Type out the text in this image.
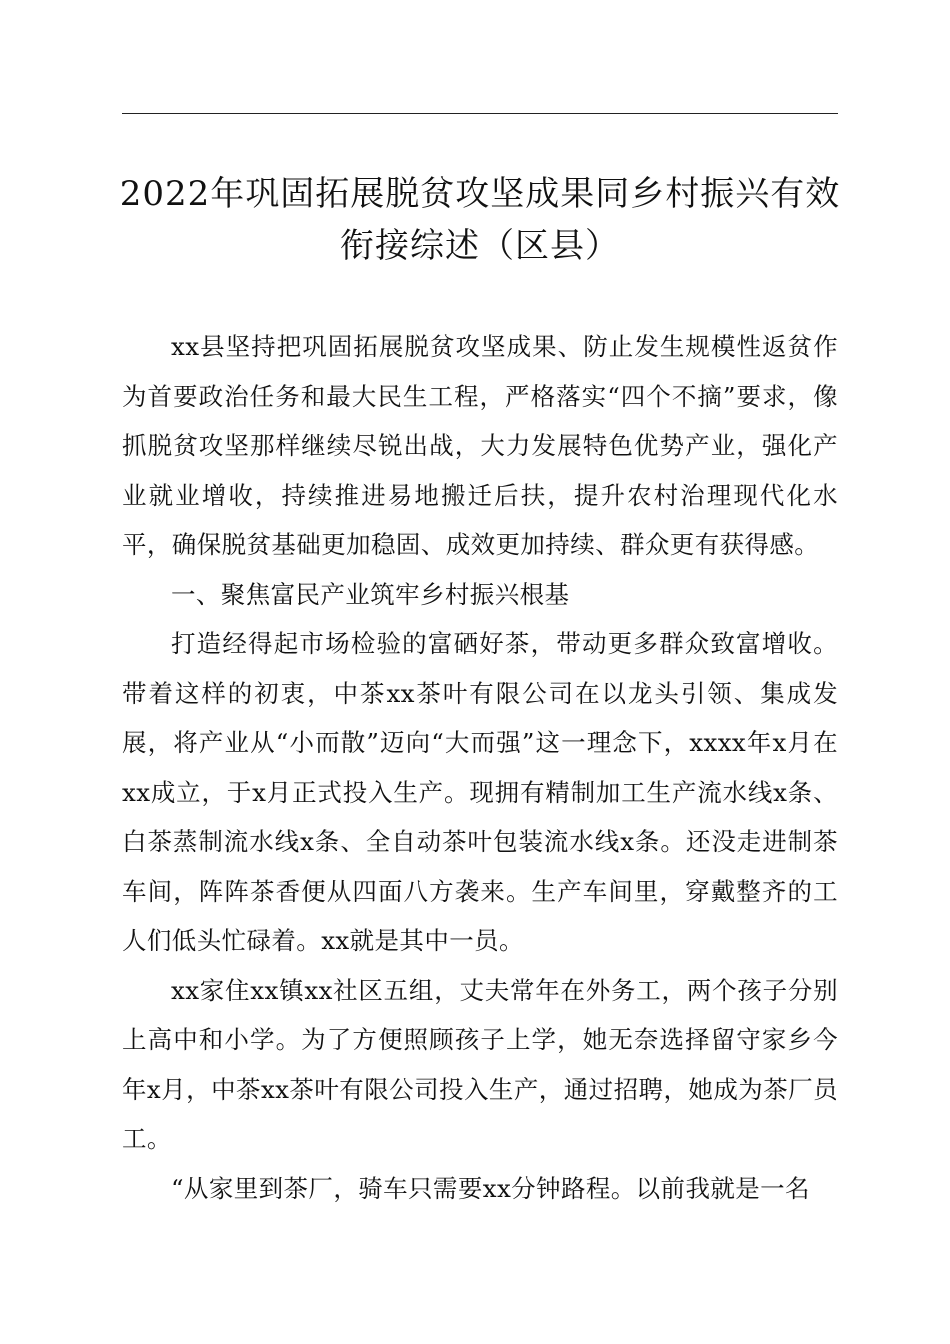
2022年巩固拓展脱贫攻坚成果同乡村振兴有效
衔接综述（区县）

xx县坚持把巩固拓展脱贫攻坚成果、防止发生规模性返贫作为首要政治任务和最大民生工程，严格落实“四个不摘”要求，像抓脱贫攻坚那样继续尽锐出战，大力发展特色优势产业，强化产业就业增收，持续推进易地搬迁后扶，提升农村治理现代化水平，确保脱贫基础更加稳固、成效更加持续、群众更有获得感。

一、聚焦富民产业筑牢乡村振兴根基

打造经得起市场检验的富硒好茶，带动更多群众致富增收。带着这样的初衷，中茶xx茶叶有限公司在以龙头引领、集成发展，将产业从“小而散”迈向“大而强”这一理念下，xxxx年x月在xx成立，于x月正式投入生产。现拥有精制加工生产流水线x条、白茶蒸制流水线x条、全自动茶叶包装流水线x条。还没走进制茶车间，阵阵茶香便从四面八方袭来。生产车间里，穿戴整齐的工人们低头忙碌着。xx就是其中一员。

xx家住xx镇xx社区五组，丈夫常年在外务工，两个孩子分别上高中和小学。为了方便照顾孩子上学，她无奈选择留守家乡今年x月，中茶xx茶叶有限公司投入生产，通过招聘，她成为茶厂员工。

“从家里到茶厂，骑车只需要xx分钟路程。以前我就是一名
